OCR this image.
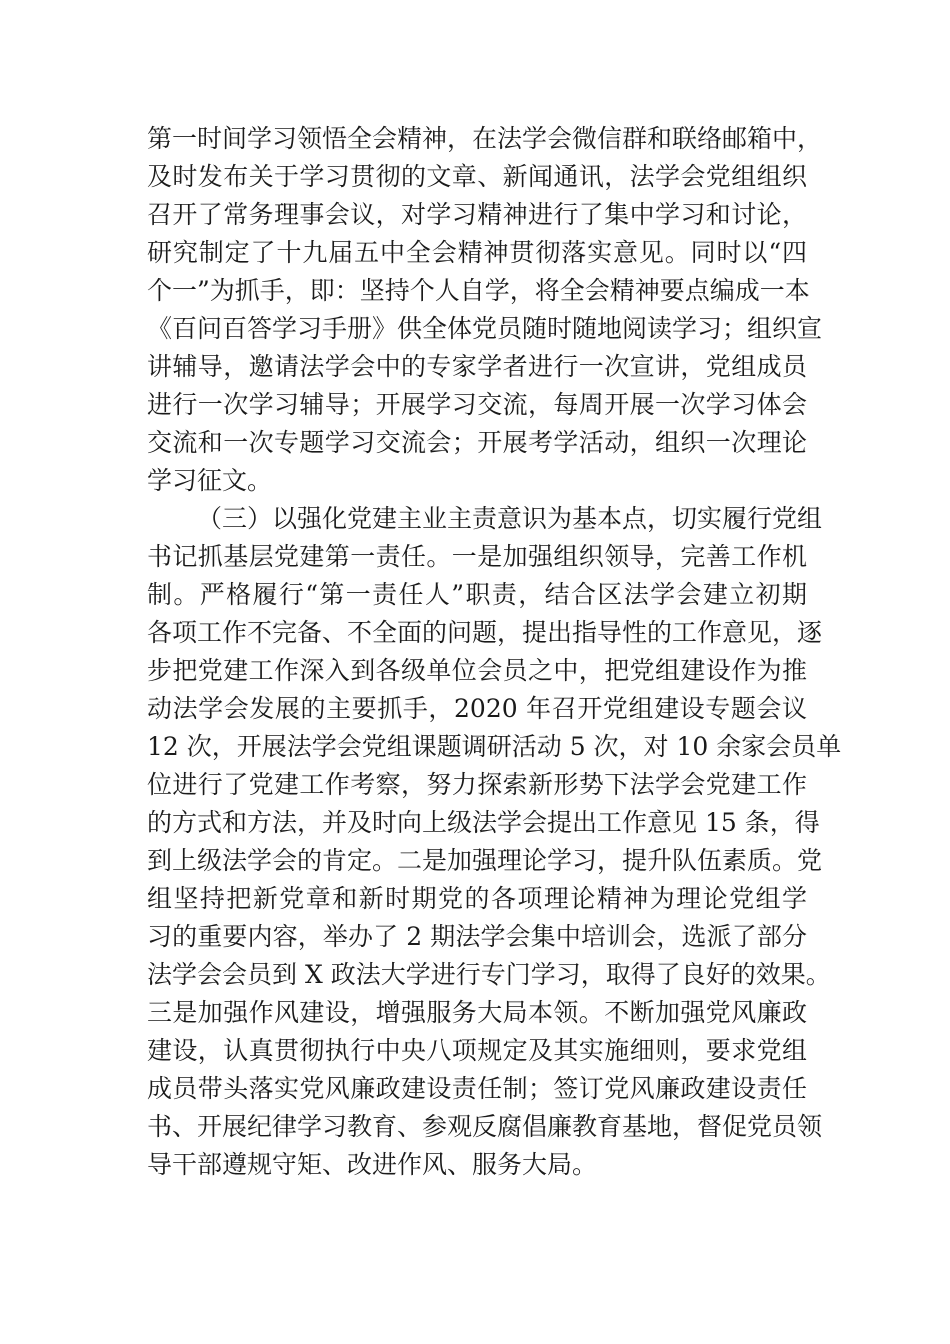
第一时间学习领悟全会精神，在法学会微信群和联络邮箱中，
及时发布关于学习贯彻的文章、新闻通讯，法学会党组组织
召开了常务理事会议，对学习精神进行了集中学习和讨论，
研究制定了十九届五中全会精神贯彻落实意见。同时以“四
个一”为抓手，即：坚持个人自学，将全会精神要点编成一本
《百问百答学习手册》供全体党员随时随地阅读学习；组织宣
讲辅导，邀请法学会中的专家学者进行一次宣讲，党组成员
进行一次学习辅导；开展学习交流，每周开展一次学习体会
交流和一次专题学习交流会；开展考学活动，组织一次理论
学习征文。
（三）以强化党建主业主责意识为基本点，切实履行党组
书记抓基层党建第一责任。一是加强组织领导，完善工作机
制。严格履行“第一责任人”职责，结合区法学会建立初期
各项工作不完备、不全面的问题，提出指导性的工作意见，逐
步把党建工作深入到各级单位会员之中，把党组建设作为推
动法学会发展的主要抓手，2020 年召开党组建设专题会议
12 次，开展法学会党组课题调研活动 5 次，对 10 余家会员单
位进行了党建工作考察，努力探索新形势下法学会党建工作
的方式和方法，并及时向上级法学会提出工作意见 15 条，得
到上级法学会的肯定。二是加强理论学习，提升队伍素质。党
组坚持把新党章和新时期党的各项理论精神为理论党组学
习的重要内容，举办了 2 期法学会集中培训会，选派了部分
法学会会员到 X 政法大学进行专门学习，取得了良好的效果。
三是加强作风建设，增强服务大局本领。不断加强党风廉政
建设，认真贯彻执行中央八项规定及其实施细则，要求党组
成员带头落实党风廉政建设责任制；签订党风廉政建设责任
书、开展纪律学习教育、参观反腐倡廉教育基地，督促党员领
导干部遵规守矩、改进作风、服务大局。
